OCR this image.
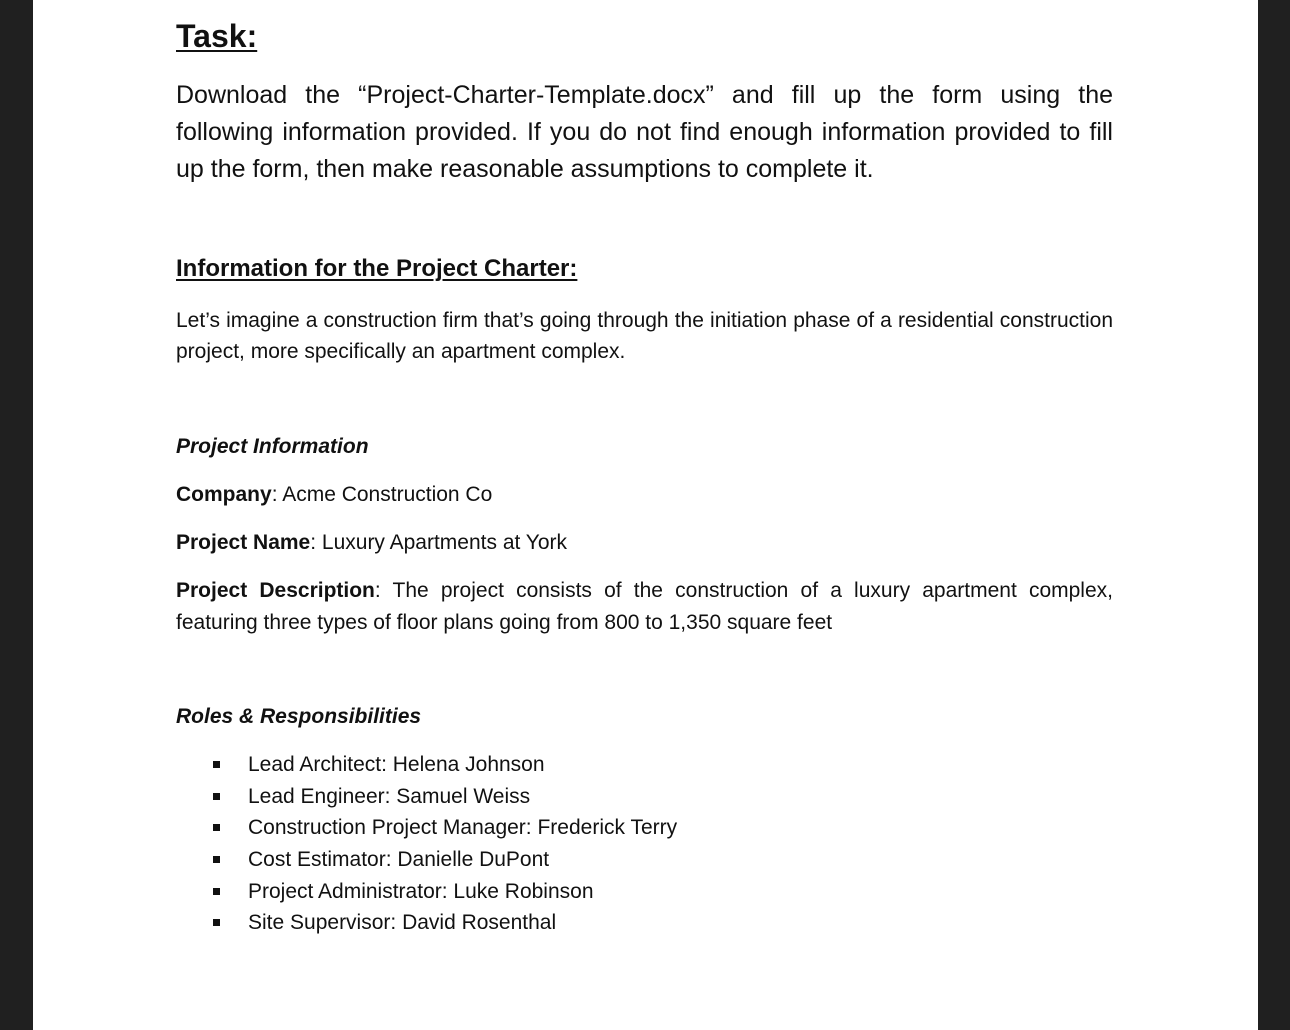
Task:

Download the “Project-Charter-Template.docx” and fill up the form using the following information provided. If you do not find enough information provided to fill up the form, then make reasonable assumptions to complete it.

Information for the Project Charter:

Let’s imagine a construction firm that’s going through the initiation phase of a residential construction project, more specifically an apartment complex.

Project Information

Company: Acme Construction Co

Project Name: Luxury Apartments at York

Project Description: The project consists of the construction of a luxury apartment complex, featuring three types of floor plans going from 800 to 1,350 square feet

Roles & Responsibilities
Lead Architect: Helena Johnson
Lead Engineer: Samuel Weiss
Construction Project Manager: Frederick Terry
Cost Estimator: Danielle DuPont
Project Administrator: Luke Robinson
Site Supervisor: David Rosenthal
